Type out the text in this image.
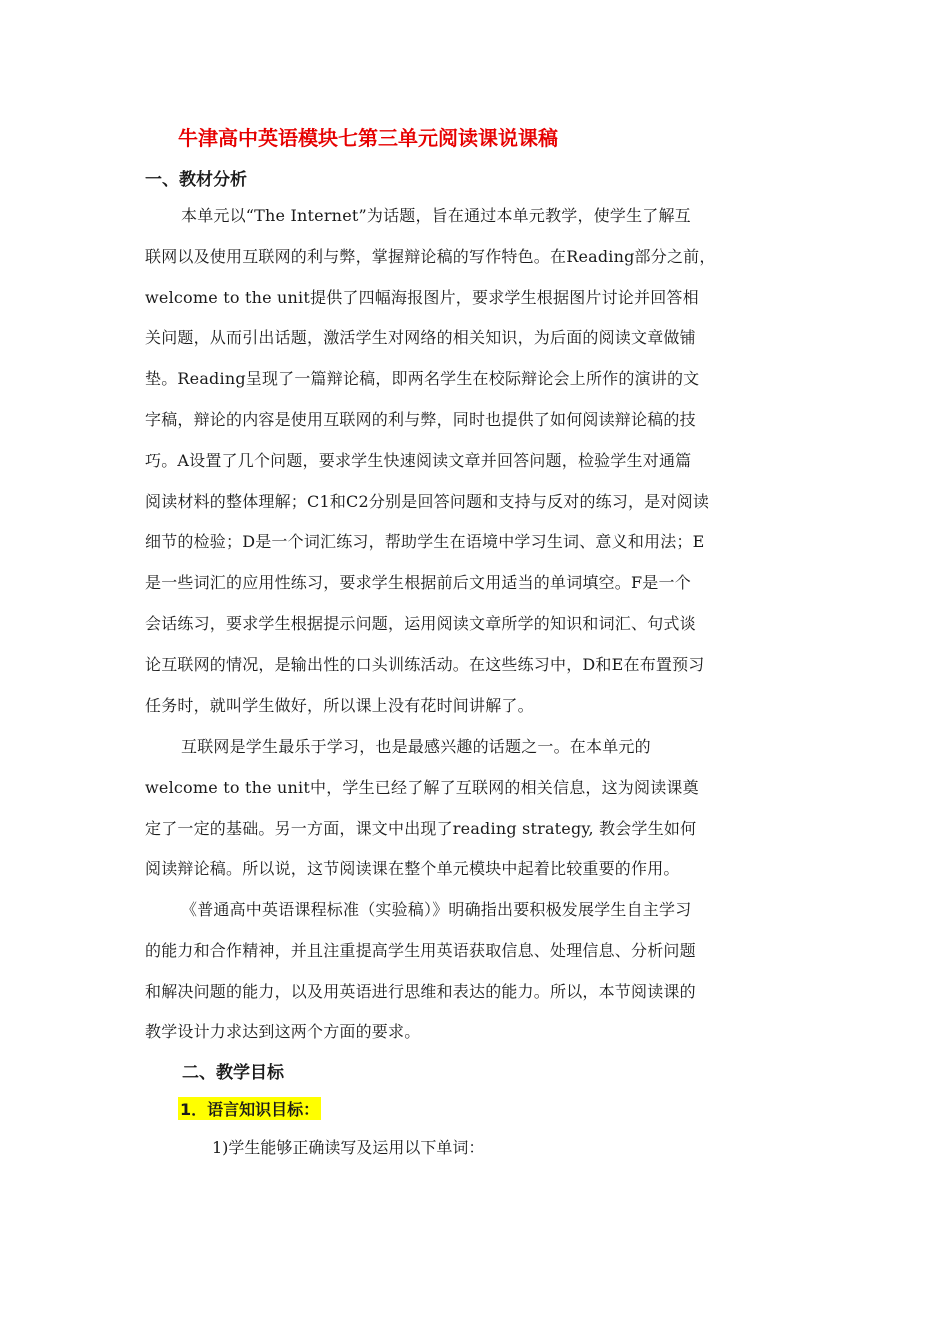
牛津高中英语模块七第三单元阅读课说课稿
一、教材分析
本单元以“The Internet”为话题，旨在通过本单元教学，使学生了解互
联网以及使用互联网的利与弊，掌握辩论稿的写作特色。在Reading部分之前，
welcome to the unit提供了四幅海报图片，要求学生根据图片讨论并回答相
关问题，从而引出话题，激活学生对网络的相关知识，为后面的阅读文章做铺
垫。Reading呈现了一篇辩论稿，即两名学生在校际辩论会上所作的演讲的文
字稿，辩论的内容是使用互联网的利与弊，同时也提供了如何阅读辩论稿的技
巧。A设置了几个问题，要求学生快速阅读文章并回答问题，检验学生对通篇
阅读材料的整体理解；C1和C2分别是回答问题和支持与反对的练习，是对阅读
细节的检验；D是一个词汇练习，帮助学生在语境中学习生词、意义和用法；E
是一些词汇的应用性练习，要求学生根据前后文用适当的单词填空。F是一个
会话练习，要求学生根据提示问题，运用阅读文章所学的知识和词汇、句式谈
论互联网的情况，是输出性的口头训练活动。在这些练习中，D和E在布置预习
任务时，就叫学生做好，所以课上没有花时间讲解了。
互联网是学生最乐于学习，也是最感兴趣的话题之一。在本单元的
welcome to the unit中，学生已经了解了互联网的相关信息，这为阅读课奠
定了一定的基础。另一方面，课文中出现了reading strategy, 教会学生如何
阅读辩论稿。所以说，这节阅读课在整个单元模块中起着比较重要的作用。
《普通高中英语课程标准（实验稿）》明确指出要积极发展学生自主学习
的能力和合作精神，并且注重提高学生用英语获取信息、处理信息、分析问题
和解决问题的能力，以及用英语进行思维和表达的能力。所以，本节阅读课的
教学设计力求达到这两个方面的要求。
二、教学目标
1．语言知识目标：
1)学生能够正确读写及运用以下单词：
